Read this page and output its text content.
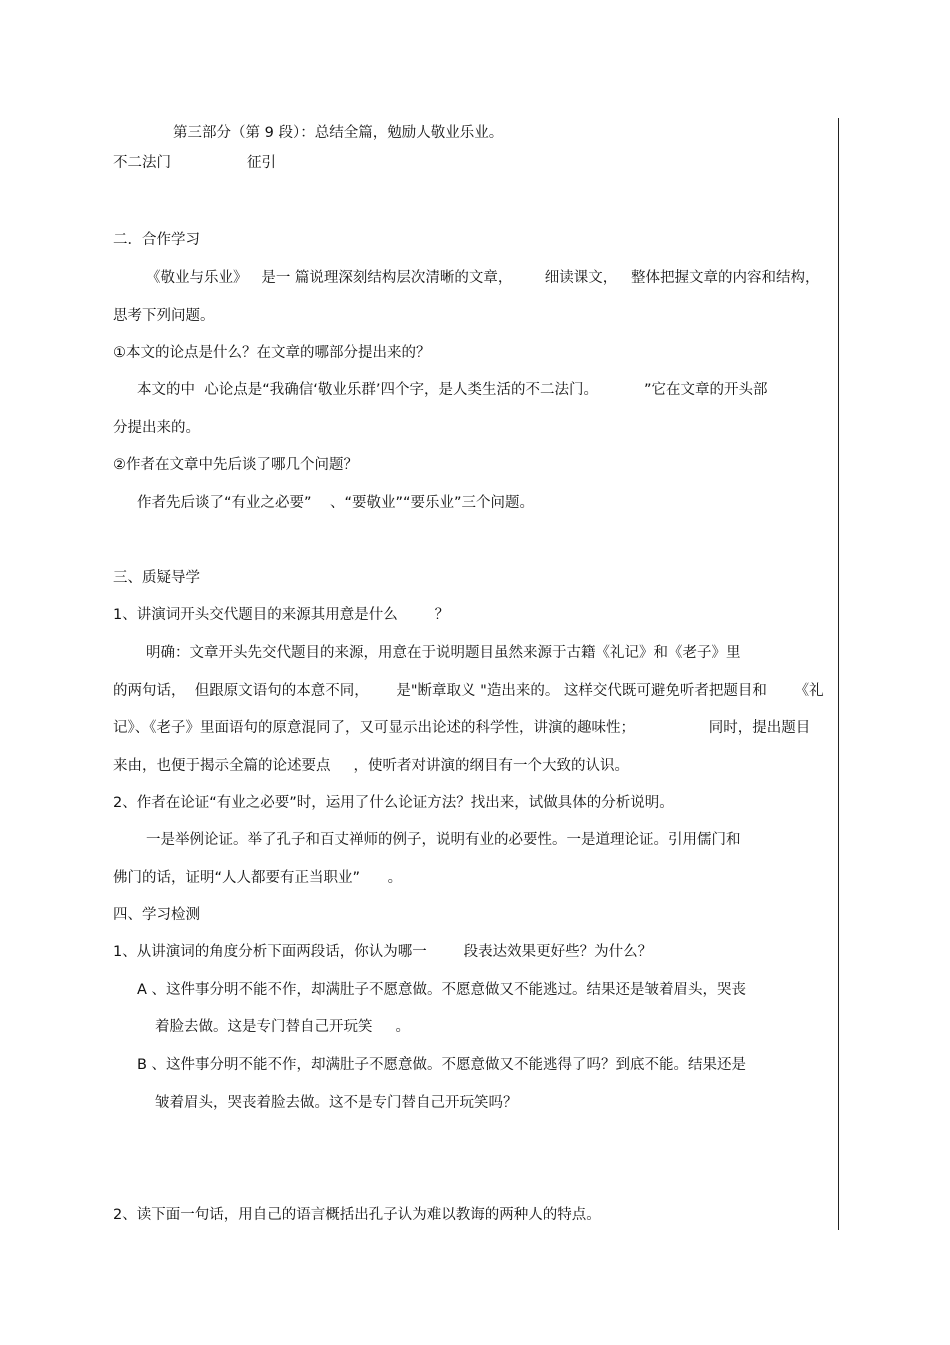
第三部分（第 9 段）：总结全篇，勉励人敬业乐业。
不二法门	征引
二．合作学习
《敬业与乐业》   是一 篇说理深刻结构层次清晰的文章，       细读课文，   整体把握文章的内容和结构，
思考下列问题。
①本文的论点是什么？在文章的哪部分提出来的？
本文的中  心论点是“我确信‘敬业乐群’四个字，是人类生活的不二法门。          ”它在文章的开头部
分提出来的。
②作者在文章中先后谈了哪几个问题？
作者先后谈了“有业之必要”    、“要敬业”“要乐业”三个问题。
三、质疑导学
1、讲演词开头交代题目的来源其用意是什么        ？
明确：文章开头先交代题目的来源，用意在于说明题目虽然来源于古籍《礼记》和《老子》里
的两句话，  但跟原文语句的本意不同，      是"断章取义 "造出来的。 这样交代既可避免听者把题目和      《礼
记》、《老子》里面语句的原意混同了，又可显示出论述的科学性，讲演的趣味性；                同时，提出题目
来由，也便于揭示全篇的论述要点     ，使听者对讲演的纲目有一个大致的认识。
2、作者在论证“有业之必要”时，运用了什么论证方法？找出来，试做具体的分析说明。
一是举例论证。举了孔子和百丈禅师的例子，说明有业的必要性。一是道理论证。引用儒门和
佛门的话，证明“人人都要有正当职业”      。
四、学习检测
1、从讲演词的角度分析下面两段话，你认为哪一        段表达效果更好些？为什么？
A 、这件事分明不能不作，却满肚子不愿意做。不愿意做又不能逃过。结果还是皱着眉头，哭丧
着脸去做。这是专门替自己开玩笑     。
B 、这件事分明不能不作，却满肚子不愿意做。不愿意做又不能逃得了吗？到底不能。结果还是
皱着眉头，哭丧着脸去做。这不是专门替自己开玩笑吗？
2、读下面一句话，用自己的语言概括出孔子认为难以教诲的两种人的特点。
